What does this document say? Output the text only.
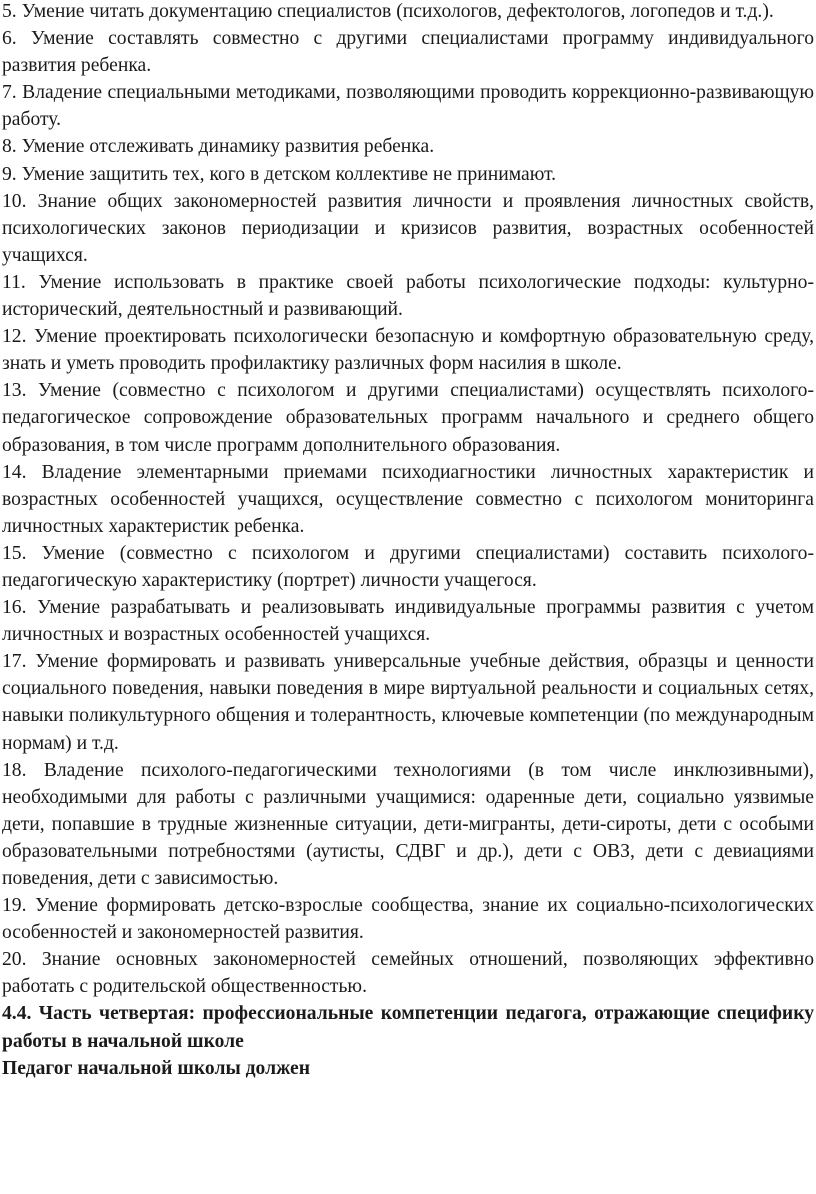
5. Умение читать документацию специалистов (психологов, дефектологов, логопедов и т.д.).

6. Умение составлять совместно с другими специалистами программу индивидуального развития ребенка.

7. Владение специальными методиками, позволяющими проводить коррекционно-развивающую работу.

8. Умение отслеживать динамику развития ребенка.

9. Умение защитить тех, кого в детском коллективе не принимают.

10. Знание общих закономерностей развития личности и проявления личностных свойств, психологических законов периодизации и кризисов развития, возрастных особенностей учащихся.

11. Умение использовать в практике своей работы психологические подходы: культурно-исторический, деятельностный и развивающий.

12. Умение проектировать психологически безопасную и комфортную образовательную среду, знать и уметь проводить профилактику различных форм насилия в школе.

13. Умение (совместно с психологом и другими специалистами) осуществлять психолого-педагогическое сопровождение образовательных программ начального и среднего общего образования, в том числе программ дополнительного образования.

14. Владение элементарными приемами психодиагностики личностных характеристик и возрастных особенностей учащихся, осуществление совместно с психологом мониторинга личностных характеристик ребенка.

15. Умение (совместно с психологом и другими специалистами) составить психолого-педагогическую характеристику (портрет) личности учащегося.

16. Умение разрабатывать и реализовывать индивидуальные программы развития с учетом личностных и возрастных особенностей учащихся.

17. Умение формировать и развивать универсальные учебные действия, образцы и ценности социального поведения, навыки поведения в мире виртуальной реальности и социальных сетях, навыки поликультурного общения и толерантность, ключевые компетенции (по международным нормам) и т.д.

18. Владение психолого-педагогическими технологиями (в том числе инклюзивными), необходимыми для работы с различными учащимися: одаренные дети, социально уязвимые дети, попавшие в трудные жизненные ситуации, дети-мигранты, дети-сироты, дети с особыми образовательными потребностями (аутисты, СДВГ и др.), дети с ОВЗ, дети с девиациями поведения, дети с зависимостью.

19. Умение формировать детско-взрослые сообщества, знание их социально-психологических особенностей и закономерностей развития.

20. Знание основных закономерностей семейных отношений, позволяющих эффективно работать с родительской общественностью.

4.4. Часть четвертая: профессиональные компетенции педагога, отражающие специфику работы в начальной школе

Педагог начальной школы должен
